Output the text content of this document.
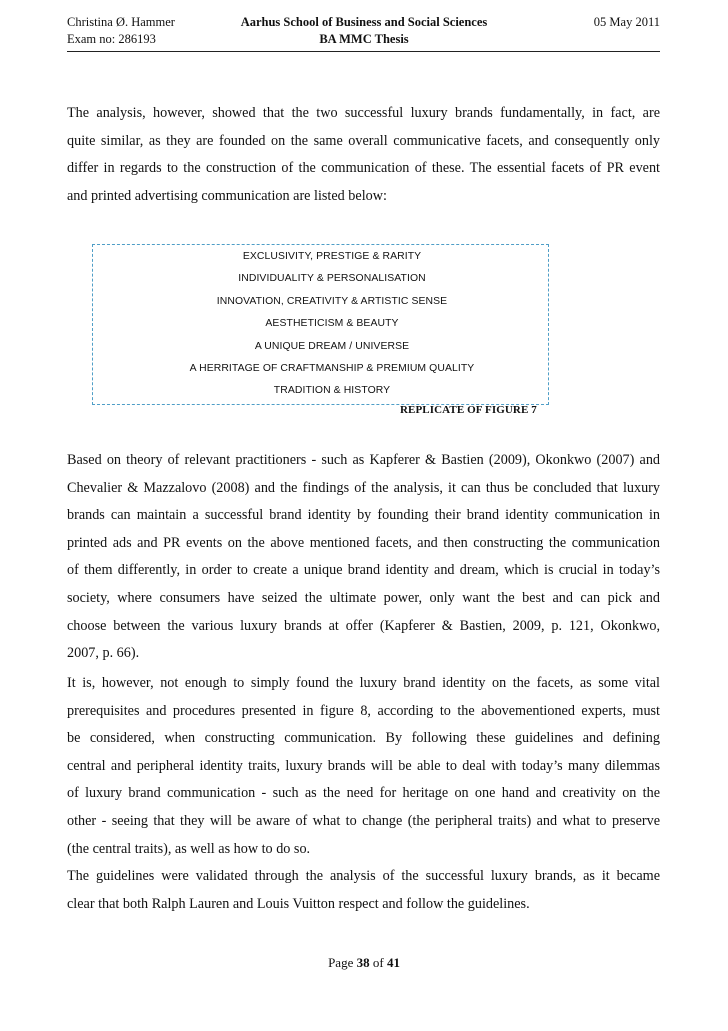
Christina Ø. Hammer
Exam no: 286193
Aarhus School of Business and Social Sciences
BA MMC Thesis
05 May 2011
The analysis, however, showed that the two successful luxury brands fundamentally, in fact, are
quite similar, as they are founded on the same overall communicative facets, and consequently only
differ in regards to the construction of the communication of these. The essential facets of PR event
and printed advertising communication are listed below:
EXCLUSIVITY, PRESTIGE & RARITY
INDIVIDUALITY & PERSONALISATION
INNOVATION, CREATIVITY & ARTISTIC SENSE
AESTHETICISM & BEAUTY
A UNIQUE DREAM / UNIVERSE
A HERRITAGE OF CRAFTMANSHIP & PREMIUM QUALITY
TRADITION & HISTORY
REPLICATE OF FIGURE 7
Based on theory of relevant practitioners - such as Kapferer & Bastien (2009), Okonkwo (2007) and
Chevalier & Mazzalovo (2008) and the findings of the analysis, it can thus be concluded that luxury
brands can maintain a successful brand identity by founding their brand identity communication in
printed ads and PR events on the above mentioned facets, and then constructing the communication
of them differently, in order to create a unique brand identity and dream, which is crucial in today’s
society, where consumers have seized the ultimate power, only want the best and can pick and
choose between the various luxury brands at offer (Kapferer & Bastien, 2009, p. 121, Okonkwo,
2007, p. 66).
It is, however, not enough to simply found the luxury brand identity on the facets, as some vital
prerequisites and procedures presented in figure 8, according to the abovementioned experts, must
be considered, when constructing communication. By following these guidelines and defining
central and peripheral identity traits, luxury brands will be able to deal with today’s many dilemmas
of luxury brand communication - such as the need for heritage on one hand and creativity on the
other - seeing that they will be aware of what to change (the peripheral traits) and what to preserve
(the central traits), as well as how to do so.
The guidelines were validated through the analysis of the successful luxury brands, as it became
clear that both Ralph Lauren and Louis Vuitton respect and follow the guidelines.
Page 38 of 41
